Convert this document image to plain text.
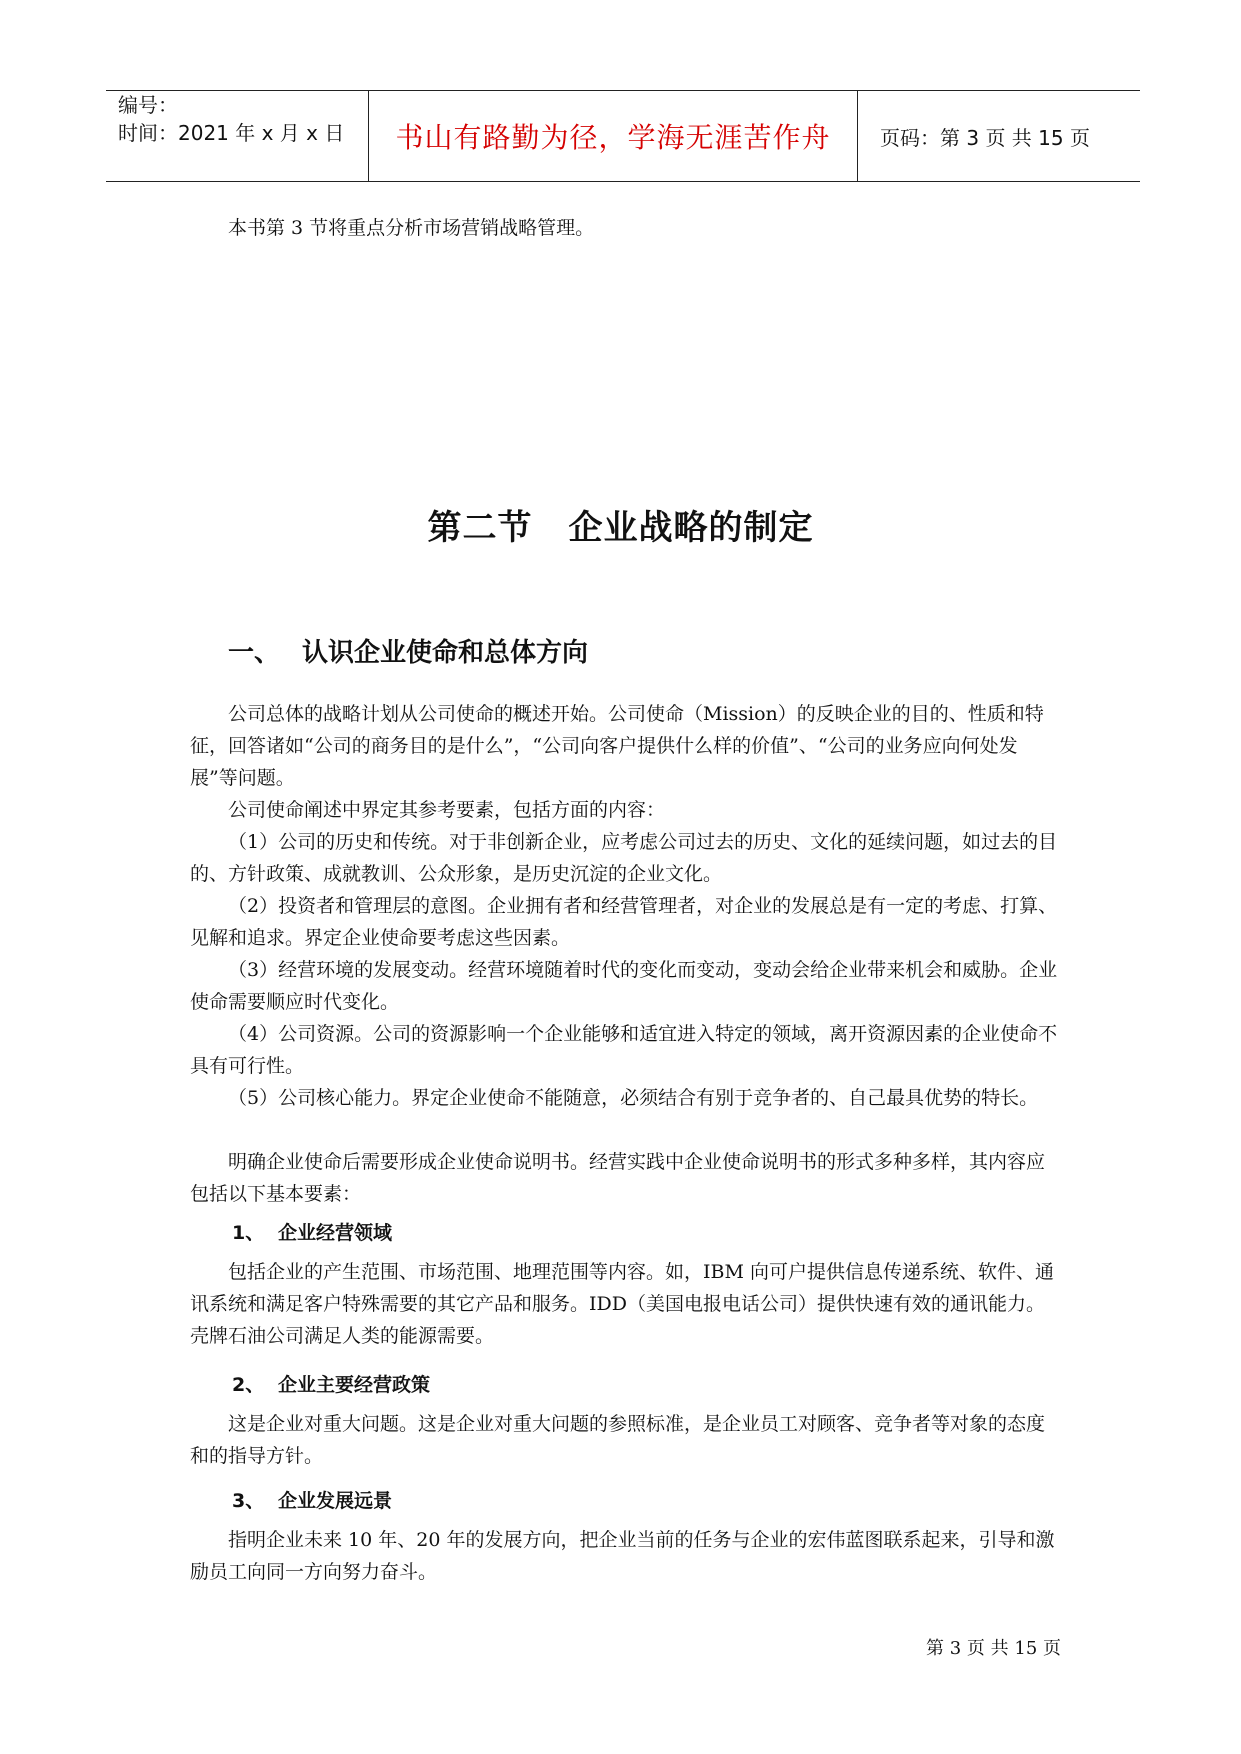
编号：
时间：2021 年 x 月 x 日 书山有路勤为径，学海无涯苦作舟 页码：第 3 页 共 15 页
本书第 3 节将重点分析市场营销战略管理。
第二节 企业战略的制定
一、 认识企业使命和总体方向
公司总体的战略计划从公司使命的概述开始。公司使命（Mission）的反映企业的目的、性质和特征，回答诸如“公司的商务目的是什么”，“公司向客户提供什么样的价值”、“公司的业务应向何处发展”等问题。
公司使命阐述中界定其参考要素，包括方面的内容：
（1）公司的历史和传统。对于非创新企业，应考虑公司过去的历史、文化的延续问题，如过去的目的、方针政策、成就教训、公众形象，是历史沉淀的企业文化。
（2）投资者和管理层的意图。企业拥有者和经营管理者，对企业的发展总是有一定的考虑、打算、见解和追求。界定企业使命要考虑这些因素。
（3）经营环境的发展变动。经营环境随着时代的变化而变动，变动会给企业带来机会和威胁。企业使命需要顺应时代变化。
（4）公司资源。公司的资源影响一个企业能够和适宜进入特定的领域，离开资源因素的企业使命不具有可行性。
（5）公司核心能力。界定企业使命不能随意，必须结合有别于竞争者的、自己最具优势的特长。
明确企业使命后需要形成企业使命说明书。经营实践中企业使命说明书的形式多种多样，其内容应包括以下基本要素：
1、 企业经营领域
包括企业的产生范围、市场范围、地理范围等内容。如，IBM 向可户提供信息传递系统、软件、通讯系统和满足客户特殊需要的其它产品和服务。IDD（美国电报电话公司）提供快速有效的通讯能力。壳牌石油公司满足人类的能源需要。
2、 企业主要经营政策
这是企业对重大问题。这是企业对重大问题的参照标准，是企业员工对顾客、竞争者等对象的态度和的指导方针。
3、 企业发展远景
指明企业未来 10 年、20 年的发展方向，把企业当前的任务与企业的宏伟蓝图联系起来，引导和激励员工向同一方向努力奋斗。
第 3 页 共 15 页
